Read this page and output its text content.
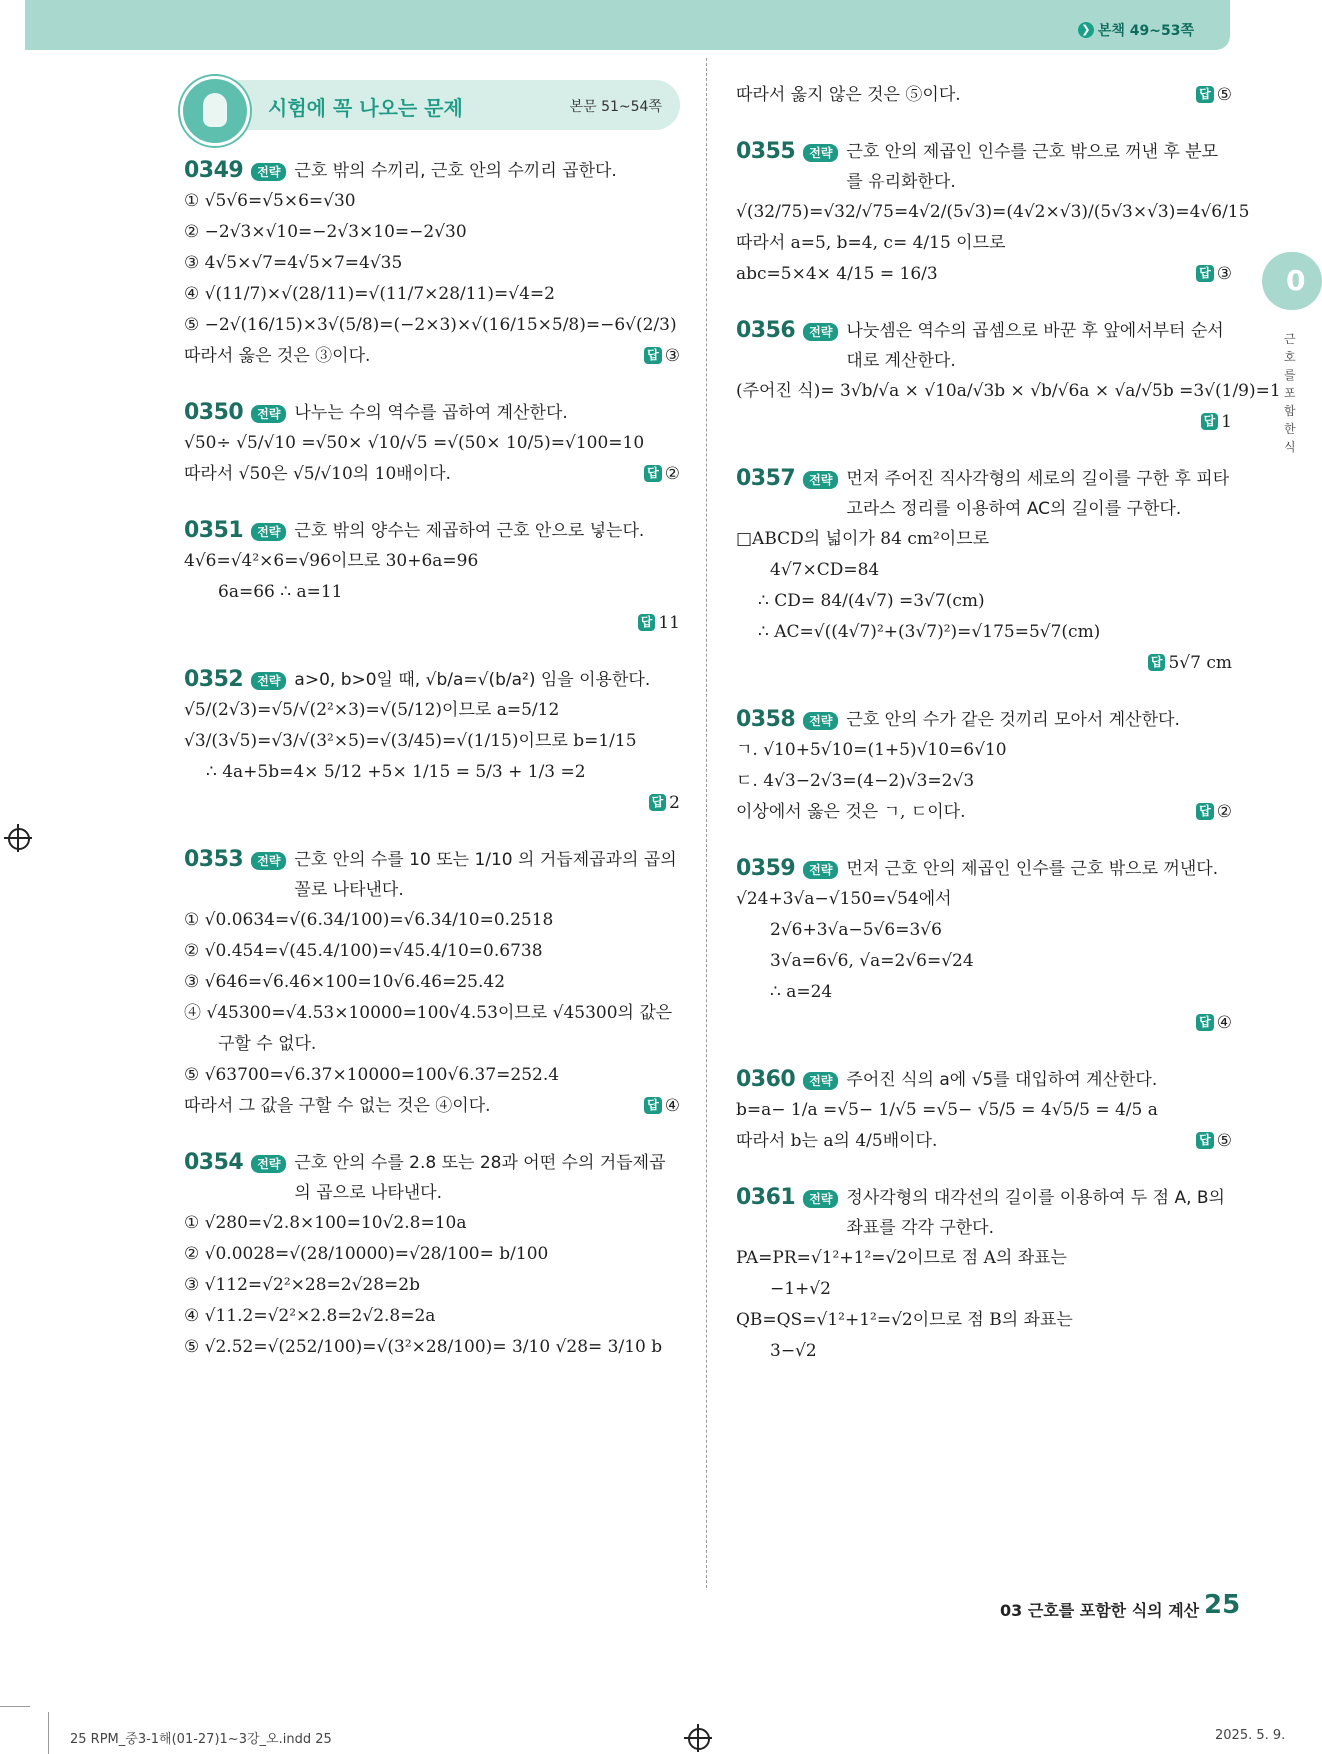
❯ 본책 49~53쪽
0
근호를포함한식
시험에 꼭 나오는 문제	본문 51~54쪽
0349	전략 근호 밖의 수끼리, 근호 안의 수끼리 곱한다.
① √5√6=√5×6=√30
② −2√3×√10=−2√3×10=−2√30
③ 4√5×√7=4√5×7=4√35
④ √(11/7)×√(28/11)=√(11/7×28/11)=√4=2
⑤ −2√(16/15)×3√(5/8)=(−2×3)×√(16/15×5/8)=−6√(2/3)
따라서 옳은 것은 ③이다.	답 ③
0350	전략 나누는 수의 역수를 곱하여 계산한다.
√50÷ √5/√10 =√50× √10/√5 =√(50× 10/5)=√100=10
따라서 √50은 √5/√10의 10배이다.	답 ②
0351	전략 근호 밖의 양수는 제곱하여 근호 안으로 넣는다.
4√6=√4²×6=√96이므로 30+6a=96
6a=66 ∴ a=11
답 11
0352	전략 a>0, b>0일 때, √b/a=√(b/a²) 임을 이용한다.
√5/(2√3)=√5/√(2²×3)=√(5/12)이므로 a=5/12
√3/(3√5)=√3/√(3²×5)=√(3/45)=√(1/15)이므로 b=1/15
∴ 4a+5b=4× 5/12 +5× 1/15 = 5/3 + 1/3 =2
답 2
0353	전략 근호 안의 수를 10 또는 1/10 의 거듭제곱과의 곱의 꼴로 나타낸다.
① √0.0634=√(6.34/100)=√6.34/10=0.2518
② √0.454=√(45.4/100)=√45.4/10=0.6738
③ √646=√6.46×100=10√6.46=25.42
④ √45300=√4.53×10000=100√4.53이므로 √45300의 값은
구할 수 없다.
⑤ √63700=√6.37×10000=100√6.37=252.4
따라서 그 값을 구할 수 없는 것은 ④이다.	답 ④
0354	전략 근호 안의 수를 2.8 또는 28과 어떤 수의 거듭제곱의 곱으로 나타낸다.
① √280=√2.8×100=10√2.8=10a
② √0.0028=√(28/10000)=√28/100= b/100
③ √112=√2²×28=2√28=2b
④ √11.2=√2²×2.8=2√2.8=2a
⑤ √2.52=√(252/100)=√(3²×28/100)= 3/10 √28= 3/10 b
따라서 옳지 않은 것은 ⑤이다.	답 ⑤
0355	전략 근호 안의 제곱인 인수를 근호 밖으로 꺼낸 후 분모를 유리화한다.
√(32/75)=√32/√75=4√2/(5√3)=(4√2×√3)/(5√3×√3)=4√6/15
따라서 a=5, b=4, c= 4/15 이므로
abc=5×4× 4/15 = 16/3	답 ③
0356	전략 나눗셈은 역수의 곱셈으로 바꾼 후 앞에서부터 순서대로 계산한다.
(주어진 식)= 3√b/√a × √10a/√3b × √b/√6a × √a/√5b =3√(1/9)=1
답 1
0357	전략 먼저 주어진 직사각형의 세로의 길이를 구한 후 피타고라스 정리를 이용하여 AC의 길이를 구한다.
□ABCD의 넓이가 84 cm²이므로
4√7×CD=84
∴ CD= 84/(4√7) =3√7(cm)
∴ AC=√((4√7)²+(3√7)²)=√175=5√7(cm)
답 5√7 cm
0358	전략 근호 안의 수가 같은 것끼리 모아서 계산한다.
ㄱ. √10+5√10=(1+5)√10=6√10
ㄷ. 4√3−2√3=(4−2)√3=2√3
이상에서 옳은 것은 ㄱ, ㄷ이다.	답 ②
0359	전략 먼저 근호 안의 제곱인 인수를 근호 밖으로 꺼낸다.
√24+3√a−√150=√54에서
2√6+3√a−5√6=3√6
3√a=6√6, √a=2√6=√24
∴ a=24
답 ④
0360	전략 주어진 식의 a에 √5를 대입하여 계산한다.
b=a− 1/a =√5− 1/√5 =√5− √5/5 = 4√5/5 = 4/5 a
따라서 b는 a의 4/5배이다.	답 ⑤
0361	전략 정사각형의 대각선의 길이를 이용하여 두 점 A, B의 좌표를 각각 구한다.
PA=PR=√1²+1²=√2이므로 점 A의 좌표는
−1+√2
QB=QS=√1²+1²=√2이므로 점 B의 좌표는
3−√2
03 근호를 포함한 식의 계산 25
25 RPM_중3-1해(01-27)1~3강_오.indd 25	2025. 5. 9.
